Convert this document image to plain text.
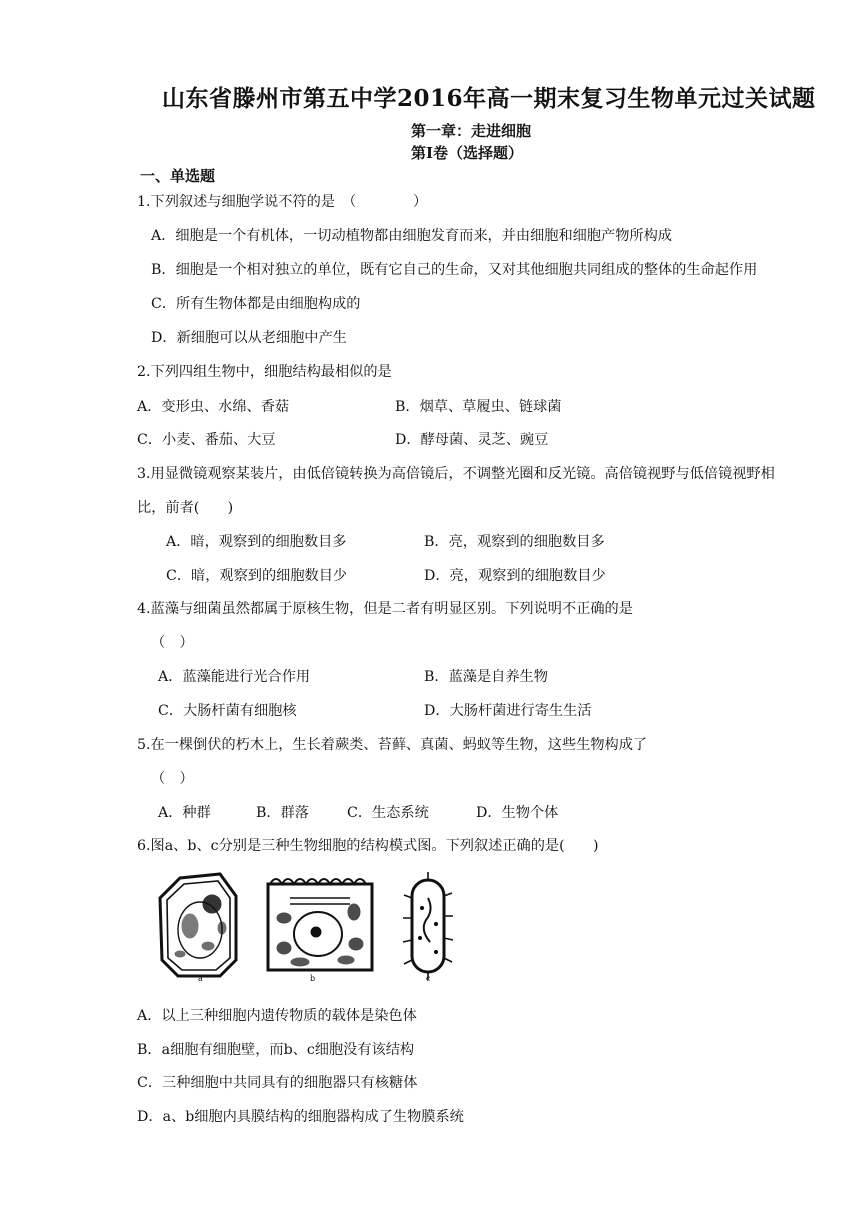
山东省滕州市第五中学2016年高一期末复习生物单元过关试题
第一章：走进细胞
第Ⅰ卷（选择题）
一、单选题
1.下列叙述与细胞学说不符的是　（　　　　）
A．细胞是一个有机体，一切动植物都由细胞发育而来，并由细胞和细胞产物所构成
B．细胞是一个相对独立的单位，既有它自己的生命，又对其他细胞共同组成的整体的生命起作用
C．所有生物体都是由细胞构成的
D．新细胞可以从老细胞中产生
2.下列四组生物中，细胞结构最相似的是
A．变形虫、水绵、香菇	B．烟草、草履虫、链球菌
C．小麦、番茄、大豆	D．酵母菌、灵芝、豌豆
3.用显微镜观察某装片，由低倍镜转换为高倍镜后，不调整光圈和反光镜。高倍镜视野与低倍镜视野相
比，前者(　　)
A．暗，观察到的细胞数目多	B．亮，观察到的细胞数目多
C．暗，观察到的细胞数目少	D．亮，观察到的细胞数目少
4.蓝藻与细菌虽然都属于原核生物，但是二者有明显区别。下列说明不正确的是
（　）
A．蓝藻能进行光合作用	B．蓝藻是自养生物
C．大肠杆菌有细胞核	D．大肠杆菌进行寄生生活
5.在一棵倒伏的朽木上，生长着蕨类、苔藓、真菌、蚂蚁等生物，这些生物构成了
（　）
A．种群	B．群落	C．生态系统	D．生物个体
6.图a、b、c分别是三种生物细胞的结构模式图。下列叙述正确的是(　　)
a	b	c
A．以上三种细胞内遗传物质的载体是染色体
B．a细胞有细胞壁，而b、c细胞没有该结构
C．三种细胞中共同具有的细胞器只有核糖体
D．a、b细胞内具膜结构的细胞器构成了生物膜系统
